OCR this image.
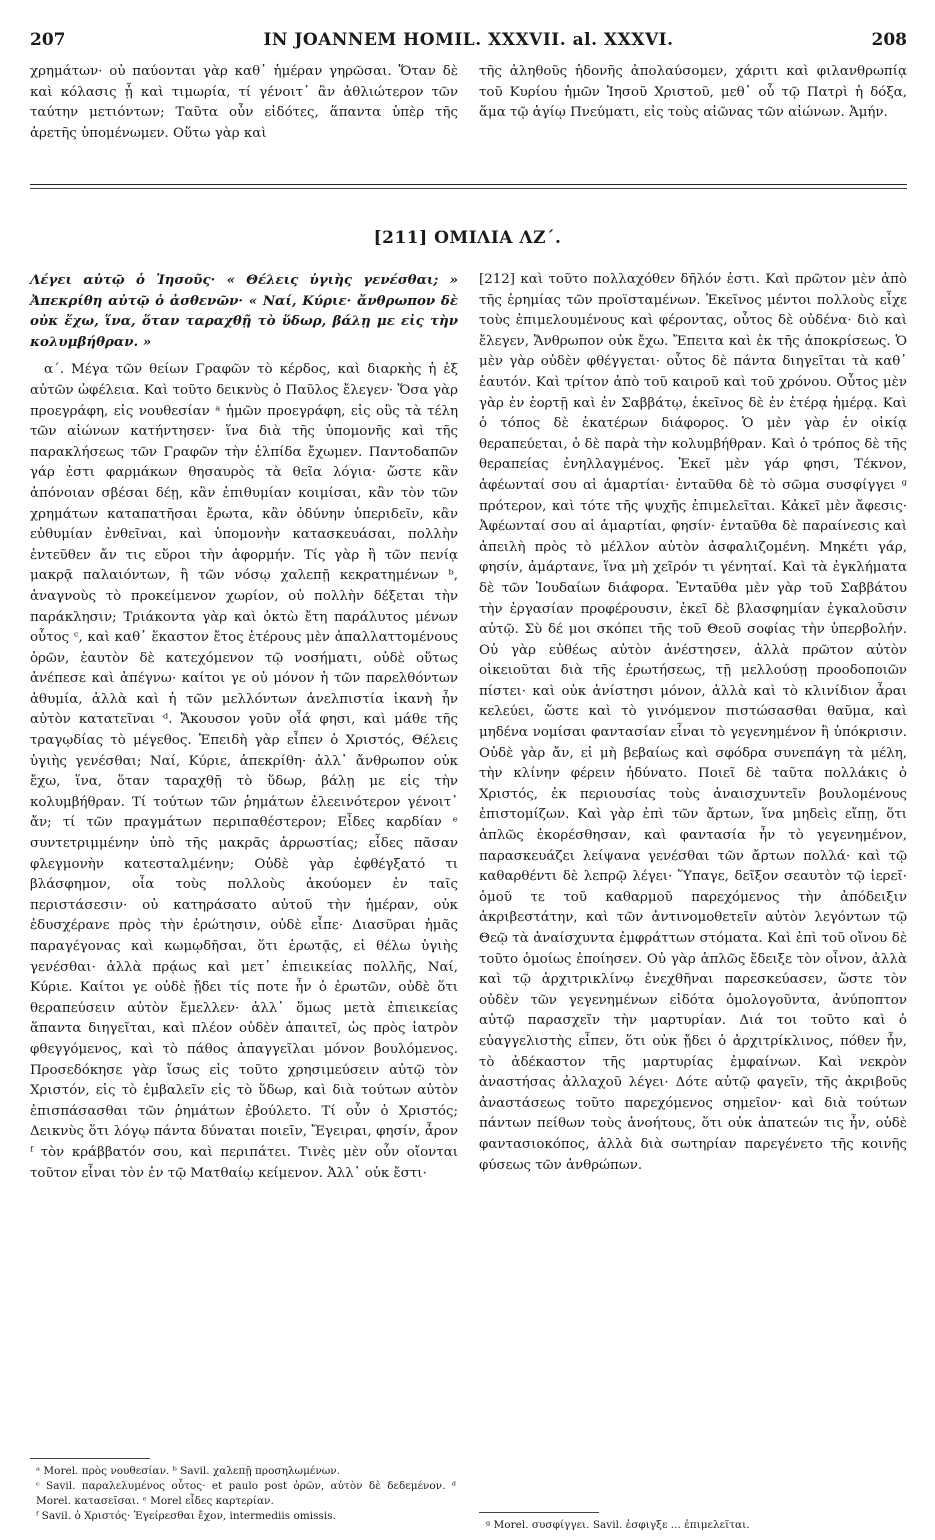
207	IN JOANNEM HOMIL. XXXVII. al. XXXVI.	208

χρημάτων· οὐ παύονται γὰρ καθ᾽ ἡμέραν γηρῶσαι. Ὅταν δὲ καὶ κόλασις ᾖ καὶ τιμωρία, τί γένοιτ᾽ ἂν ἀθλιώτερον τῶν ταύτην μετιόντων; Ταῦτα οὖν εἰδότες, ἅπαντα ὑπὲρ τῆς ἀρετῆς ὑπομένωμεν. Οὕτω γὰρ καὶ

τῆς ἀληθοῦς ἡδονῆς ἀπολαύσομεν, χάριτι καὶ φιλανθρωπίᾳ τοῦ Κυρίου ἡμῶν Ἰησοῦ Χριστοῦ, μεθ᾽ οὗ τῷ Πατρὶ ἡ δόξα, ἅμα τῷ ἁγίῳ Πνεύματι, εἰς τοὺς αἰῶνας τῶν αἰώνων. Ἀμήν.

[211] ΟΜΙΛΙΑ ΛΖ΄.

Λέγει αὐτῷ ὁ Ἰησοῦς· « Θέλεις ὑγιὴς γενέσθαι; » Ἀπεκρίθη αὐτῷ ὁ ἀσθενῶν· « Ναί, Κύριε· ἄνθρωπον δὲ οὐκ ἔχω, ἵνα, ὅταν ταραχθῇ τὸ ὕδωρ, βάλῃ με εἰς τὴν κολυμβήθραν. »

α΄. Μέγα τῶν θείων Γραφῶν τὸ κέρδος, καὶ διαρκὴς ἡ ἐξ αὐτῶν ὠφέλεια. Καὶ τοῦτο δεικνὺς ὁ Παῦλος ἔλεγεν· Ὅσα γὰρ προεγράφη, εἰς νουθεσίαν ᵃ ἡμῶν προεγράφη, εἰς οὓς τὰ τέλη τῶν αἰώνων κατήντησεν· ἵνα διὰ τῆς ὑπομονῆς καὶ τῆς παρακλήσεως τῶν Γραφῶν τὴν ἐλπίδα ἔχωμεν. Παντοδαπῶν γάρ ἐστι φαρμάκων θησαυρὸς τὰ θεῖα λόγια· ὥστε κἂν ἀπόνοιαν σβέσαι δέῃ, κἂν ἐπιθυμίαν κοιμίσαι, κἂν τὸν τῶν χρημάτων καταπατῆσαι ἔρωτα, κἂν ὀδύνην ὑπεριδεῖν, κἂν εὐθυμίαν ἐνθεῖναι, καὶ ὑπομονὴν κατασκευάσαι, πολλὴν ἐντεῦθεν ἄν τις εὕροι τὴν ἀφορμήν. Τίς γὰρ ἢ τῶν πενίᾳ μακρᾷ παλαιόντων, ἢ τῶν νόσῳ χαλεπῇ κεκρατημένων ᵇ, ἀναγνοὺς τὸ προκείμενον χωρίον, οὐ πολλὴν δέξεται τὴν παράκλησιν; Τριάκοντα γὰρ καὶ ὀκτὼ ἔτη παράλυτος μένων οὗτος ᶜ, καὶ καθ᾽ ἕκαστον ἔτος ἑτέρους μὲν ἀπαλλαττομένους ὁρῶν, ἑαυτὸν δὲ κατεχόμενον τῷ νοσήματι, οὐδὲ οὕτως ἀνέπεσε καὶ ἀπέγνω· καίτοι γε οὐ μόνον ἡ τῶν παρελθόντων ἀθυμία, ἀλλὰ καὶ ἡ τῶν μελλόντων ἀνελπιστία ἱκανὴ ἦν αὐτὸν κατατεῖναι ᵈ. Ἄκουσον γοῦν οἷά φησι, καὶ μάθε τῆς τραγῳδίας τὸ μέγεθος. Ἐπειδὴ γὰρ εἶπεν ὁ Χριστός, Θέλεις ὑγιὴς γενέσθαι; Ναί, Κύριε, ἀπεκρίθη· ἀλλ᾽ ἄνθρωπον οὐκ ἔχω, ἵνα, ὅταν ταραχθῇ τὸ ὕδωρ, βάλῃ με εἰς τὴν κολυμβήθραν. Τί τούτων τῶν ῥημάτων ἐλεεινότερον γένοιτ᾽ ἄν; τί τῶν πραγμάτων περιπαθέστερον; Εἶδες καρδίαν ᵉ συντετριμμένην ὑπὸ τῆς μακρᾶς ἀρρωστίας; εἶδες πᾶσαν φλεγμονὴν κατεσταλμένην; Οὐδὲ γὰρ ἐφθέγξατό τι βλάσφημον, οἷα τοὺς πολλοὺς ἀκούομεν ἐν ταῖς περιστάσεσιν· οὐ κατηράσατο αὐτοῦ τὴν ἡμέραν, οὐκ ἐδυσχέρανε πρὸς τὴν ἐρώτησιν, οὐδὲ εἶπε· Διασῦραι ἡμᾶς παραγέγονας καὶ κωμῳδῆσαι, ὅτι ἐρωτᾷς, εἰ θέλω ὑγιὴς γενέσθαι· ἀλλὰ πρᾴως καὶ μετ᾽ ἐπιεικείας πολλῆς, Ναί, Κύριε. Καίτοι γε οὐδὲ ᾔδει τίς ποτε ἦν ὁ ἐρωτῶν, οὐδὲ ὅτι θεραπεύσειν αὐτὸν ἔμελλεν· ἀλλ᾽ ὅμως μετὰ ἐπιεικείας ἅπαντα διηγεῖται, καὶ πλέον οὐδὲν ἀπαιτεῖ, ὡς πρὸς ἰατρὸν φθεγγόμενος, καὶ τὸ πάθος ἀπαγγεῖλαι μόνον βουλόμενος. Προσεδόκησε γὰρ ἴσως εἰς τοῦτο χρησιμεύσειν αὐτῷ τὸν Χριστόν, εἰς τὸ ἐμβαλεῖν εἰς τὸ ὕδωρ, καὶ διὰ τούτων αὐτὸν ἐπισπάσασθαι τῶν ῥημάτων ἐβούλετο. Τί οὖν ὁ Χριστός; Δεικνὺς ὅτι λόγῳ πάντα δύναται ποιεῖν, Ἔγειραι, φησίν, ἆρον ᶠ τὸν κράββατόν σου, καὶ περιπάτει. Τινὲς μὲν οὖν οἴονται τοῦτον εἶναι τὸν ἐν τῷ Ματθαίῳ κείμενον. Ἀλλ᾽ οὐκ ἔστι·

[212] καὶ τοῦτο πολλαχόθεν δῆλόν ἐστι. Καὶ πρῶτον μὲν ἀπὸ τῆς ἐρημίας τῶν προϊσταμένων. Ἐκεῖνος μέντοι πολλοὺς εἶχε τοὺς ἐπιμελουμένους καὶ φέροντας, οὗτος δὲ οὐδένα· διὸ καὶ ἔλεγεν, Ἄνθρωπον οὐκ ἔχω. Ἔπειτα καὶ ἐκ τῆς ἀποκρίσεως. Ὁ μὲν γὰρ οὐδὲν φθέγγεται· οὗτος δὲ πάντα διηγεῖται τὰ καθ᾽ ἑαυτόν. Καὶ τρίτον ἀπὸ τοῦ καιροῦ καὶ τοῦ χρόνου. Οὗτος μὲν γὰρ ἐν ἑορτῇ καὶ ἐν Σαββάτῳ, ἐκεῖνος δὲ ἐν ἑτέρᾳ ἡμέρᾳ. Καὶ ὁ τόπος δὲ ἑκατέρων διάφορος. Ὁ μὲν γὰρ ἐν οἰκίᾳ θεραπεύεται, ὁ δὲ παρὰ τὴν κολυμβήθραν. Καὶ ὁ τρόπος δὲ τῆς θεραπείας ἐνηλλαγμένος. Ἐκεῖ μὲν γάρ φησι, Τέκνον, ἀφέωνταί σου αἱ ἁμαρτίαι· ἐνταῦθα δὲ τὸ σῶμα συσφίγγει ᵍ πρότερον, καὶ τότε τῆς ψυχῆς ἐπιμελεῖται. Κἀκεῖ μὲν ἄφεσις· Ἀφέωνταί σου αἱ ἁμαρτίαι, φησίν· ἐνταῦθα δὲ παραίνεσις καὶ ἀπειλὴ πρὸς τὸ μέλλον αὐτὸν ἀσφαλιζομένη. Μηκέτι γάρ, φησίν, ἁμάρτανε, ἵνα μὴ χεῖρόν τι γένηταί. Καὶ τὰ ἐγκλήματα δὲ τῶν Ἰουδαίων διάφορα. Ἐνταῦθα μὲν γὰρ τοῦ Σαββάτου τὴν ἐργασίαν προφέρουσιν, ἐκεῖ δὲ βλασφημίαν ἐγκαλοῦσιν αὐτῷ. Σὺ δέ μοι σκόπει τῆς τοῦ Θεοῦ σοφίας τὴν ὑπερβολήν. Οὐ γὰρ εὐθέως αὐτὸν ἀνέστησεν, ἀλλὰ πρῶτον αὐτὸν οἰκειοῦται διὰ τῆς ἐρωτήσεως, τῇ μελλούσῃ προοδοποιῶν πίστει· καὶ οὐκ ἀνίστησι μόνον, ἀλλὰ καὶ τὸ κλινίδιον ἆραι κελεύει, ὥστε καὶ τὸ γινόμενον πιστώσασθαι θαῦμα, καὶ μηδένα νομίσαι φαντασίαν εἶναι τὸ γεγενημένον ἢ ὑπόκρισιν. Οὐδὲ γὰρ ἄν, εἰ μὴ βεβαίως καὶ σφόδρα συνεπάγη τὰ μέλη, τὴν κλίνην φέρειν ἠδύνατο. Ποιεῖ δὲ ταῦτα πολλάκις ὁ Χριστός, ἐκ περιουσίας τοὺς ἀναισχυντεῖν βουλομένους ἐπιστομίζων. Καὶ γὰρ ἐπὶ τῶν ἄρτων, ἵνα μηδεὶς εἴπῃ, ὅτι ἁπλῶς ἐκορέσθησαν, καὶ φαντασία ἦν τὸ γεγενημένον, παρασκευάζει λείψανα γενέσθαι τῶν ἄρτων πολλά· καὶ τῷ καθαρθέντι δὲ λεπρῷ λέγει· Ὕπαγε, δεῖξον σεαυτὸν τῷ ἱερεῖ· ὁμοῦ τε τοῦ καθαρμοῦ παρεχόμενος τὴν ἀπόδειξιν ἀκριβεστάτην, καὶ τῶν ἀντινομοθετεῖν αὐτὸν λεγόντων τῷ Θεῷ τὰ ἀναίσχυντα ἐμφράττων στόματα. Καὶ ἐπὶ τοῦ οἴνου δὲ τοῦτο ὁμοίως ἐποίησεν. Οὐ γὰρ ἁπλῶς ἔδειξε τὸν οἶνον, ἀλλὰ καὶ τῷ ἀρχιτρικλίνῳ ἐνεχθῆναι παρεσκεύασεν, ὥστε τὸν οὐδὲν τῶν γεγενημένων εἰδότα ὁμολογοῦντα, ἀνύποπτον αὐτῷ παρασχεῖν τὴν μαρτυρίαν. Διά τοι τοῦτο καὶ ὁ εὐαγγελιστὴς εἶπεν, ὅτι οὐκ ᾔδει ὁ ἀρχιτρίκλινος, πόθεν ἦν, τὸ ἀδέκαστον τῆς μαρτυρίας ἐμφαίνων. Καὶ νεκρὸν ἀναστήσας ἀλλαχοῦ λέγει· Δότε αὐτῷ φαγεῖν, τῆς ἀκριβοῦς ἀναστάσεως τοῦτο παρεχόμενος σημεῖον· καὶ διὰ τούτων πάντων πείθων τοὺς ἀνοήτους, ὅτι οὐκ ἀπατεών τις ἦν, οὐδὲ φαντασιοκόπος, ἀλλὰ διὰ σωτηρίαν παρεγένετο τῆς κοινῆς φύσεως τῶν ἀνθρώπων.

ᵃ Morel. πρὸς νουθεσίαν. ᵇ Savil. χαλεπῇ προσηλωμένων.

ᶜ Savil. παραλελυμένος οὗτος· et paulo post ὁρῶν, αὐτὸν δὲ δεδεμένον. ᵈ Morel. κατασεῖσαι. ᵉ Morel εἶδες καρτερίαν.

ᶠ Savil. ὁ Χριστός· Ἐγείρεσθαι ἔχον, intermediis omissis.

ᵍ Morel. συσφίγγει. Savil. ἐσφιγξε ... ἐπιμελεῖται.
